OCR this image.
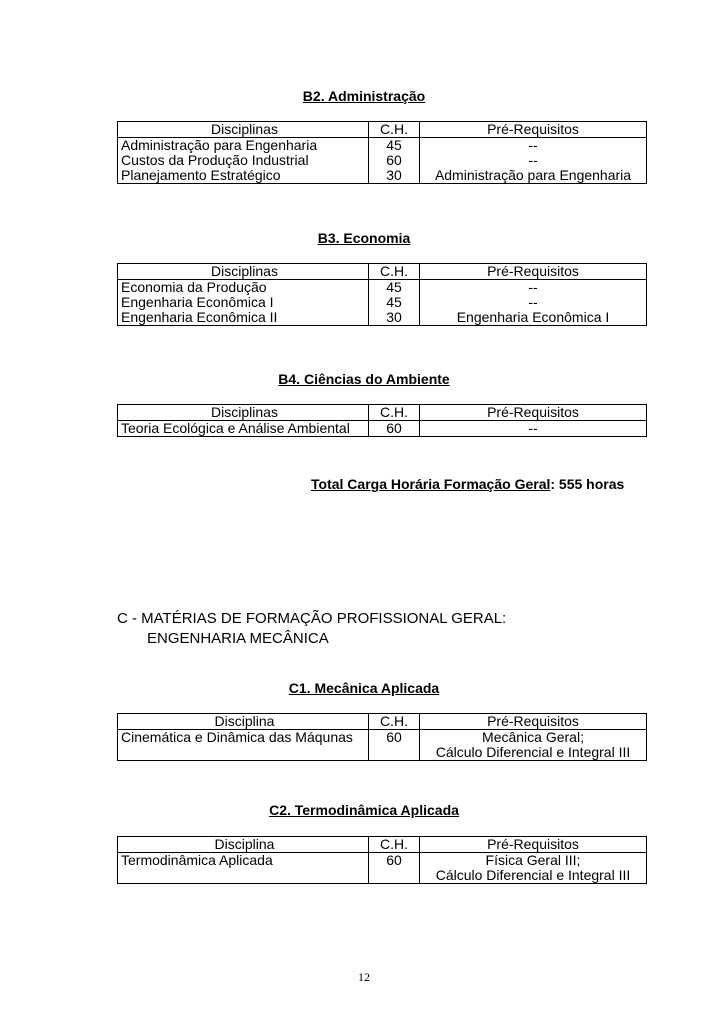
B2. Administração
Disciplinas	C.H.	Pré-Requisitos
Administração para Engenharia	45	--
Custos da Produção Industrial	60	--
Planejamento Estratégico	30	Administração para Engenharia
B3. Economia
Disciplinas	C.H.	Pré-Requisitos
Economia da Produção	45	--
Engenharia Econômica I	45	--
Engenharia Econômica II	30	Engenharia Econômica I
B4. Ciências do Ambiente
Disciplinas	C.H.	Pré-Requisitos
Teoria Ecológica e Análise Ambiental	60	--
Total Carga Horária Formação Geral: 555 horas
C - MATÉRIAS DE FORMAÇÃO PROFISSIONAL GERAL:
ENGENHARIA MECÂNICA
C1. Mecânica Aplicada
Disciplina	C.H.	Pré-Requisitos
Cinemática e Dinâmica das Máqunas	60	Mecânica Geral;
Cálculo Diferencial e Integral III
C2. Termodinâmica Aplicada
Disciplina	C.H.	Pré-Requisitos
Termodinâmica Aplicada	60	Física Geral III;
Cálculo Diferencial e Integral III
12
